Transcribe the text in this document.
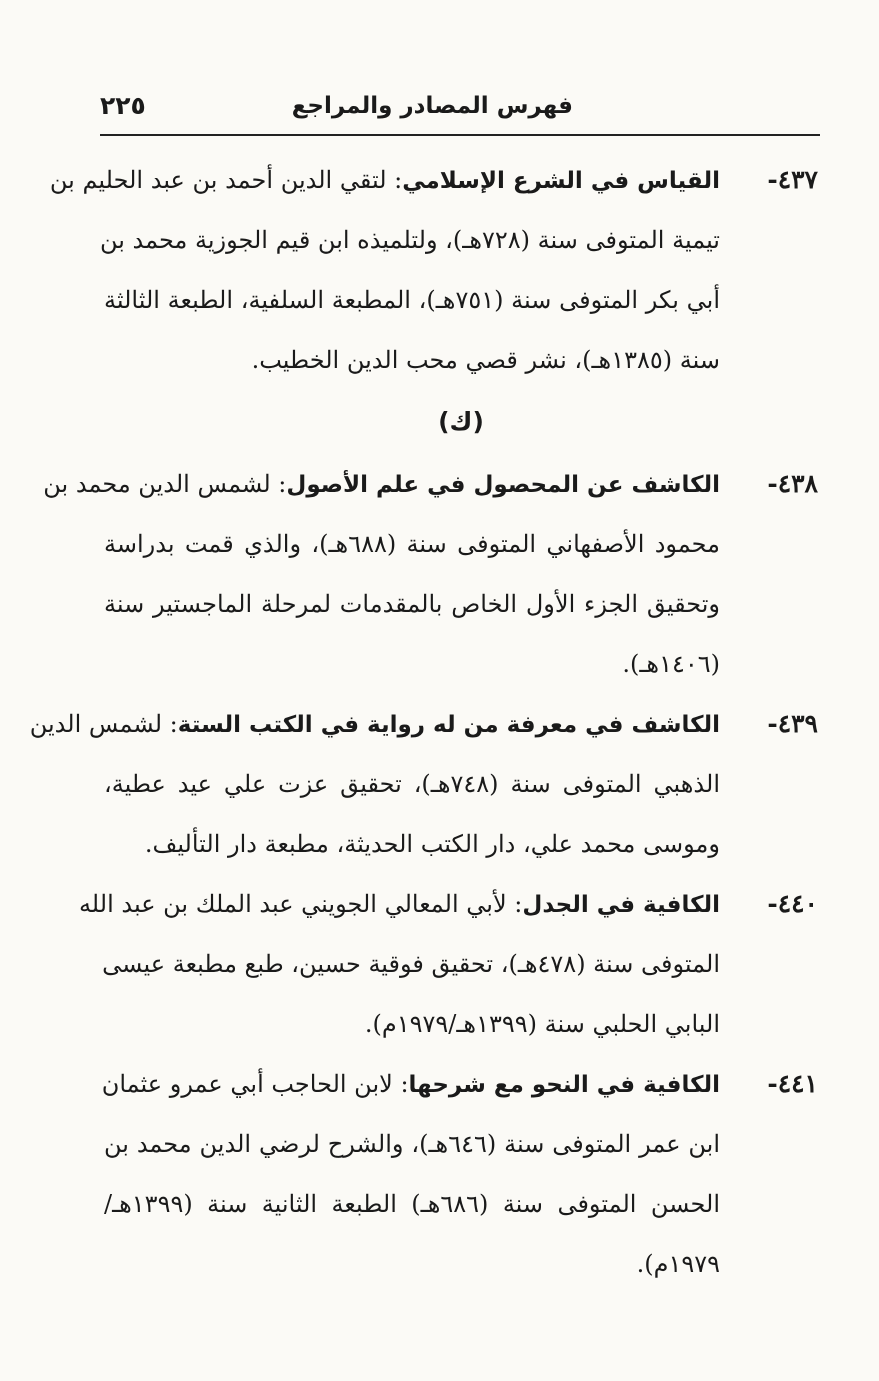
فهرس المصادر والمراجع
٢٢٥
٤٣٧-
القياس في الشرع الإسلامي: لتقي الدين أحمد بن عبد الحليم بن
تيمية المتوفى سنة (٧٢٨هـ)، ولتلميذه ابن قيم الجوزية محمد بن
أبي بكر المتوفى سنة (٧٥١هـ)، المطبعة السلفية، الطبعة الثالثة
سنة (١٣٨٥هـ)، نشر قصي محب الدين الخطيب.
(ك)
٤٣٨-
الكاشف عن المحصول في علم الأصول: لشمس الدين محمد بن
محمود الأصفهاني المتوفى سنة (٦٨٨هـ)، والذي قمت بدراسة
وتحقيق الجزء الأول الخاص بالمقدمات لمرحلة الماجستير سنة
(١٤٠٦هـ).
٤٣٩-
الكاشف في معرفة من له رواية في الكتب الستة: لشمس الدين
الذهبي المتوفى سنة (٧٤٨هـ)، تحقيق عزت علي عيد عطية،
وموسى محمد علي، دار الكتب الحديثة، مطبعة دار التأليف.
٤٤٠-
الكافية في الجدل: لأبي المعالي الجويني عبد الملك بن عبد الله
المتوفى سنة (٤٧٨هـ)، تحقيق فوقية حسين، طبع مطبعة عيسى
البابي الحلبي سنة (١٣٩٩هـ/١٩٧٩م).
٤٤١-
الكافية في النحو مع شرحها: لابن الحاجب أبي عمرو عثمان
ابن عمر المتوفى سنة (٦٤٦هـ)، والشرح لرضي الدين محمد بن
الحسن المتوفى سنة (٦٨٦هـ) الطبعة الثانية سنة (١٣٩٩هـ/
١٩٧٩م).
